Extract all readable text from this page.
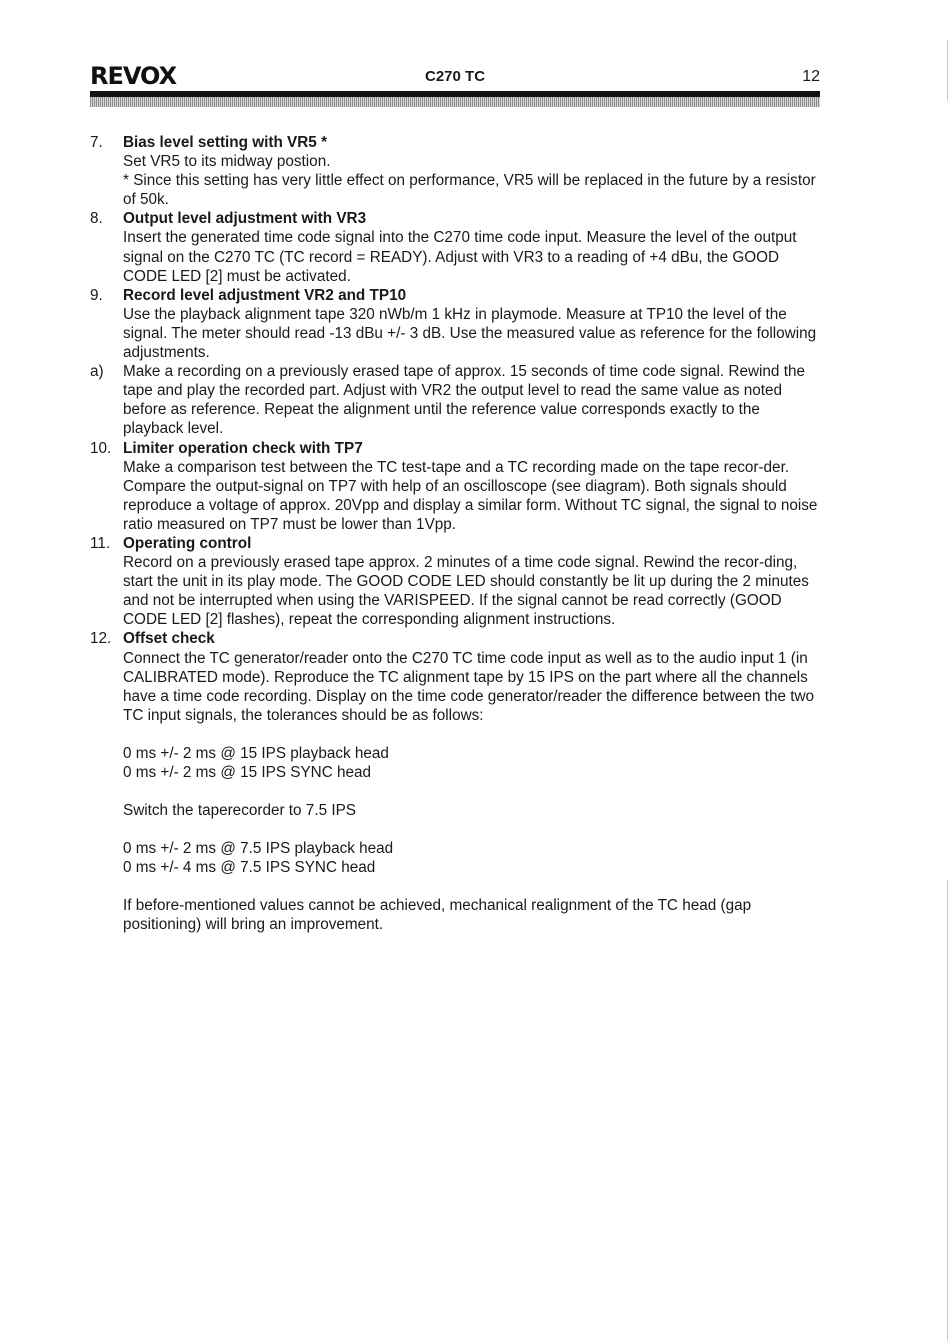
REVOX	C270 TC	12
7. Bias level setting with VR5 *

Set VR5 to its midway postion.

* Since this setting has very little effect on performance, VR5 will be replaced in the future by a resistor of 50k.

8. Output level adjustment with VR3

Insert the generated time code signal into the C270 time code input. Measure the level of the output signal on the C270 TC (TC record = READY). Adjust with VR3 to a reading of +4 dBu, the GOOD CODE LED [2] must be activated.

9. Record level adjustment VR2 and TP10

Use the playback alignment tape 320 nWb/m 1 kHz in playmode. Measure at TP10 the level of the signal. The meter should read -13 dBu +/- 3 dB. Use the measured value as reference for the following adjustments.

a) Make a recording on a previously erased tape of approx. 15 seconds of time code signal. Rewind the tape and play the recorded part. Adjust with VR2 the output level to read the same value as noted before as reference. Repeat the alignment until the reference value corresponds exactly to the playback level.

10. Limiter operation check with TP7

Make a comparison test between the TC test-tape and a TC recording made on the tape recor-der. Compare the output-signal on TP7 with help of an oscilloscope (see diagram). Both signals should reproduce a voltage of approx. 20Vpp and display a similar form. Without TC signal, the signal to noise ratio measured on TP7 must be lower than 1Vpp.

11. Operating control

Record on a previously erased tape approx. 2 minutes of a time code signal. Rewind the recor-ding, start the unit in its play mode. The GOOD CODE LED should constantly be lit up during the 2 minutes and not be interrupted when using the VARISPEED. If the signal cannot be read correctly (GOOD CODE LED [2] flashes), repeat the corresponding alignment instructions.

12. Offset check

Connect the TC generator/reader onto the C270 TC time code input as well as to the audio input 1 (in CALIBRATED mode). Reproduce the TC alignment tape by 15 IPS on the part where all the channels have a time code recording. Display on the time code generator/reader the difference between the two TC input signals, the tolerances should be as follows:

0 ms +/- 2 ms @ 15 IPS playback head

0 ms +/- 2 ms @ 15 IPS SYNC head

Switch the taperecorder to 7.5 IPS

0 ms +/- 2 ms @ 7.5 IPS playback head

0 ms +/- 4 ms @ 7.5 IPS SYNC head

If before-mentioned values cannot be achieved, mechanical realignment of the TC head (gap positioning) will bring an improvement.
